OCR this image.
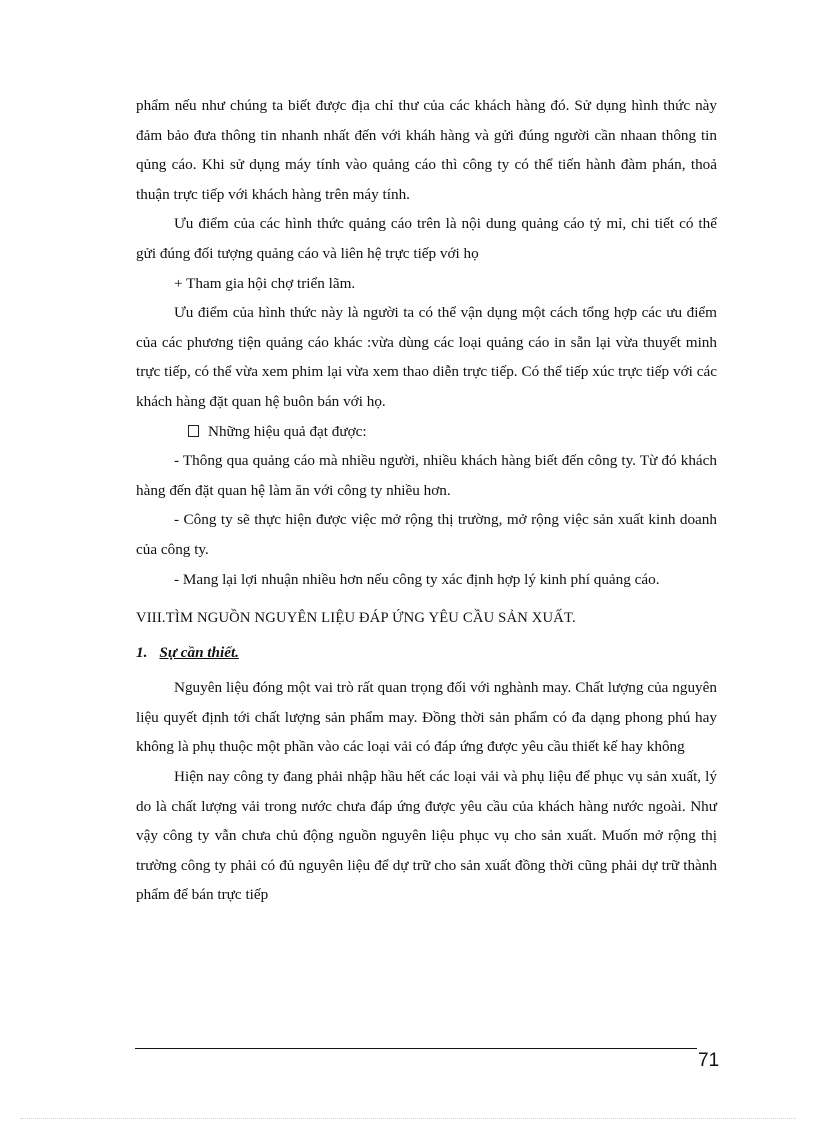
phẩm nếu như chúng ta biết được địa chỉ thư của các khách hàng đó. Sử dụng hình thức này đảm bảo đưa thông tin nhanh nhất đến với kháh hàng và gửi đúng người cần nhaan thông tin qủng cáo. Khi sử dụng máy tính vào quảng cáo thì công ty có thể tiến hành đàm phán, thoả thuận trực tiếp với khách hàng trên máy tính.

Ưu điểm của các hình thức quảng cáo trên là nội dung quảng cáo tỷ mỉ, chi tiết có thể gửi đúng đối tượng quảng cáo và liên hệ trực tiếp với họ

+ Tham gia hội chợ triển lãm.

Ưu điểm của hình thức này là người ta có thể vận dụng một cách tổng hợp các ưu điểm của các phương tiện quảng cáo khác :vừa dùng các loại quảng cáo in sẵn lại vừa thuyết minh trực tiếp, có thể vừa xem phim lại vừa xem thao diễn trực tiếp. Có thể tiếp xúc trực tiếp với các khách hàng đặt quan hệ buôn bán với họ.

Những hiệu quả đạt được:

- Thông qua quảng cáo mà nhiều người, nhiều khách hàng biết đến công ty. Từ đó khách hàng đến đặt quan hệ làm ăn với công ty nhiều hơn.

- Công ty sẽ thực hiện được việc mở rộng thị trường, mở rộng việc sản xuất kinh doanh của công ty.

- Mang lại lợi nhuận nhiều hơn nếu công ty xác định hợp lý kinh phí quảng cáo.

VIII.TÌM NGUỒN NGUYÊN LIỆU ĐÁP ỨNG YÊU CẦU SẢN XUẤT.

1. Sự cần thiết.

Nguyên liệu đóng một vai trò rất quan trọng đối với nghành may. Chất lượng của nguyên liệu quyết định tới chất lượng sản phẩm may. Đồng thời sản phẩm có đa dạng phong phú hay không là phụ thuộc một phần vào các loại vải có đáp ứng được yêu cầu thiết kế hay không

Hiện nay công ty đang phải nhập hầu hết các loại vải và phụ liệu để phục vụ sản xuất, lý do là chất lượng vải trong nước chưa đáp ứng được yêu cầu của khách hàng nước ngoài. Như vậy công ty vẫn chưa chủ động nguồn nguyên liệu phục vụ cho sản xuất. Muốn mở rộng thị trường công ty phải có đủ nguyên liệu để dự trữ cho sản xuất đồng thời cũng phải dự trữ thành phẩm để bán trực tiếp

71
